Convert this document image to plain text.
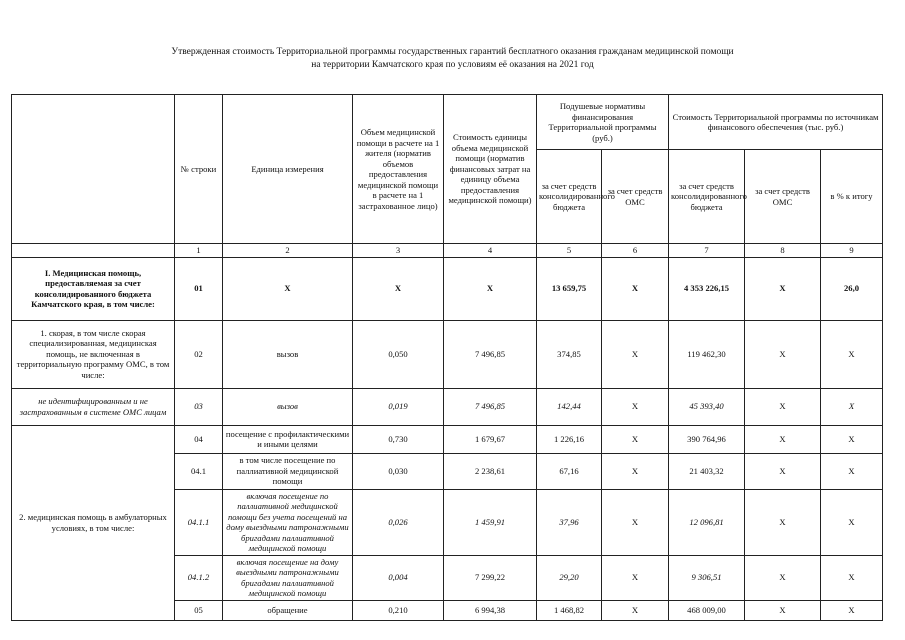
Утвержденная стоимость Территориальной программы государственных гарантий бесплатного оказания гражданам медицинской помощи
на территории Камчатского края по условиям её оказания на 2021 год
	№ строки	Единица измерения	Объем медицинской помощи в расчете на 1 жителя (норматив объемов предоставления медицинской помощи в расчете на 1 застрахованное лицо)	Стоимость единицы объема медицинской помощи (норматив финансовых затрат на единицу объема предоставления медицинской помощи)	Подушевые нормативы финансирования Территориальной программы (руб.)		Стоимость Территориальной программы по источникам финансового обеспечения (тыс. руб.)		
					за счет средств консолидированного бюджета	за счет средств ОМС	за счет средств консолидированного бюджета	за счет средств ОМС	в % к итогу
	1	2	3	4	5	6	7	8	9
I. Медицинская помощь, предоставляемая за счет консолидированного бюджета Камчатского края, в том числе:	01	X	X	X	13 659,75	X	4 353 226,15	X	26,0
1. скорая, в том числе скорая специализированная, медицинская помощь, не включенная в территориальную программу ОМС, в том числе:	02	вызов	0,050	7 496,85	374,85	X	119 462,30	X	X
не идентифицированным и не застрахованным в системе ОМС лицам	03	вызов	0,019	7 496,85	142,44	X	45 393,40	X	X
2. медицинская помощь в амбулаторных условиях, в том числе:	04	посещение с профилактическими и иными целями	0,730	1 679,67	1 226,16	X	390 764,96	X	X
	04.1	в том числе посещение по паллиативной медицинской помощи	0,030	2 238,61	67,16	X	21 403,32	X	X
	04.1.1	включая посещение по паллиативной медицинской помощи без учета посещений на дому выездными патронажными бригадами паллиативной медицинской помощи	0,026	1 459,91	37,96	X	12 096,81	X	X
	04.1.2	включая посещение на дому выездными патронажными бригадами паллиативной медицинской помощи	0,004	7 299,22	29,20	X	9 306,51	X	X
	05	обращение	0,210	6 994,38	1 468,82	X	468 009,00	X	X
